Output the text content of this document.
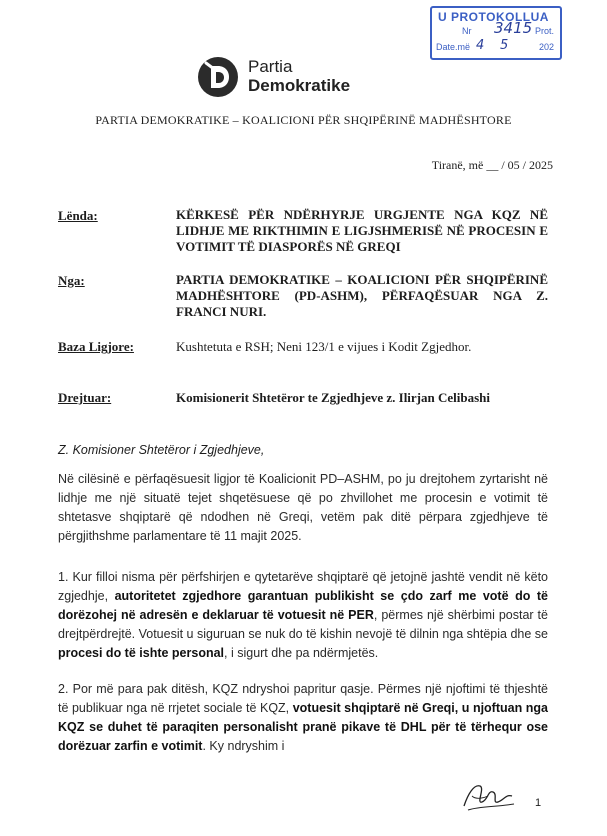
U PROTOKOLLUA
Nr 3415 Prot.
Date.më 4 5	202
Partia
Demokratike
PARTIA DEMOKRATIKE – KOALICIONI PËR SHQIPËRINË MADHËSHTORE
Tiranë, më __ / 05 / 2025
Lënda:	KËRKESË PËR NDËRHYRJE URGJENTE NGA KQZ NË LIDHJE ME RIKTHIMIN E LIGJSHMERISË NË PROCESIN E VOTIMIT TË DIASPORËS NË GREQI
Nga:	PARTIA DEMOKRATIKE – KOALICIONI PËR SHQIPËRINË MADHËSHTORE (PD-ASHM), PËRFAQËSUAR NGA Z. FRANCI NURI.
Baza Ligjore:	Kushtetuta e RSH; Neni 123/1 e vijues i Kodit Zgjedhor.
Drejtuar:	Komisionerit Shtetëror te Zgjedhjeve z. Ilirjan Celibashi
Z. Komisioner Shtetëror i Zgjedhjeve,
Në cilësinë e përfaqësuesit ligjor të Koalicionit PD–ASHM, po ju drejtohem zyrtarisht në lidhje me një situatë tejet shqetësuese që po zhvillohet me procesin e votimit të shtetasve shqiptarë që ndodhen në Greqi, vetëm pak ditë përpara zgjedhjeve të përgjithshme parlamentare të 11 majit 2025.
1. Kur filloi nisma për përfshirjen e qytetarëve shqiptarë që jetojnë jashtë vendit në këto zgjedhje, autoritetet zgjedhore garantuan publikisht se çdo zarf me votë do të dorëzohej në adresën e deklaruar të votuesit në PER, përmes një shërbimi postar të drejtpërdrejtë. Votuesit u siguruan se nuk do të kishin nevojë të dilnin nga shtëpia dhe se procesi do të ishte personal, i sigurt dhe pa ndërmjetës.
2. Por më para pak ditësh, KQZ ndryshoi papritur qasje. Përmes një njoftimi të thjeshtë të publikuar nga në rrjetet sociale të KQZ, votuesit shqiptarë në Greqi, u njoftuan nga KQZ se duhet të paraqiten personalisht pranë pikave të DHL për të tërhequr ose dorëzuar zarfin e votimit. Ky ndryshim i
1
